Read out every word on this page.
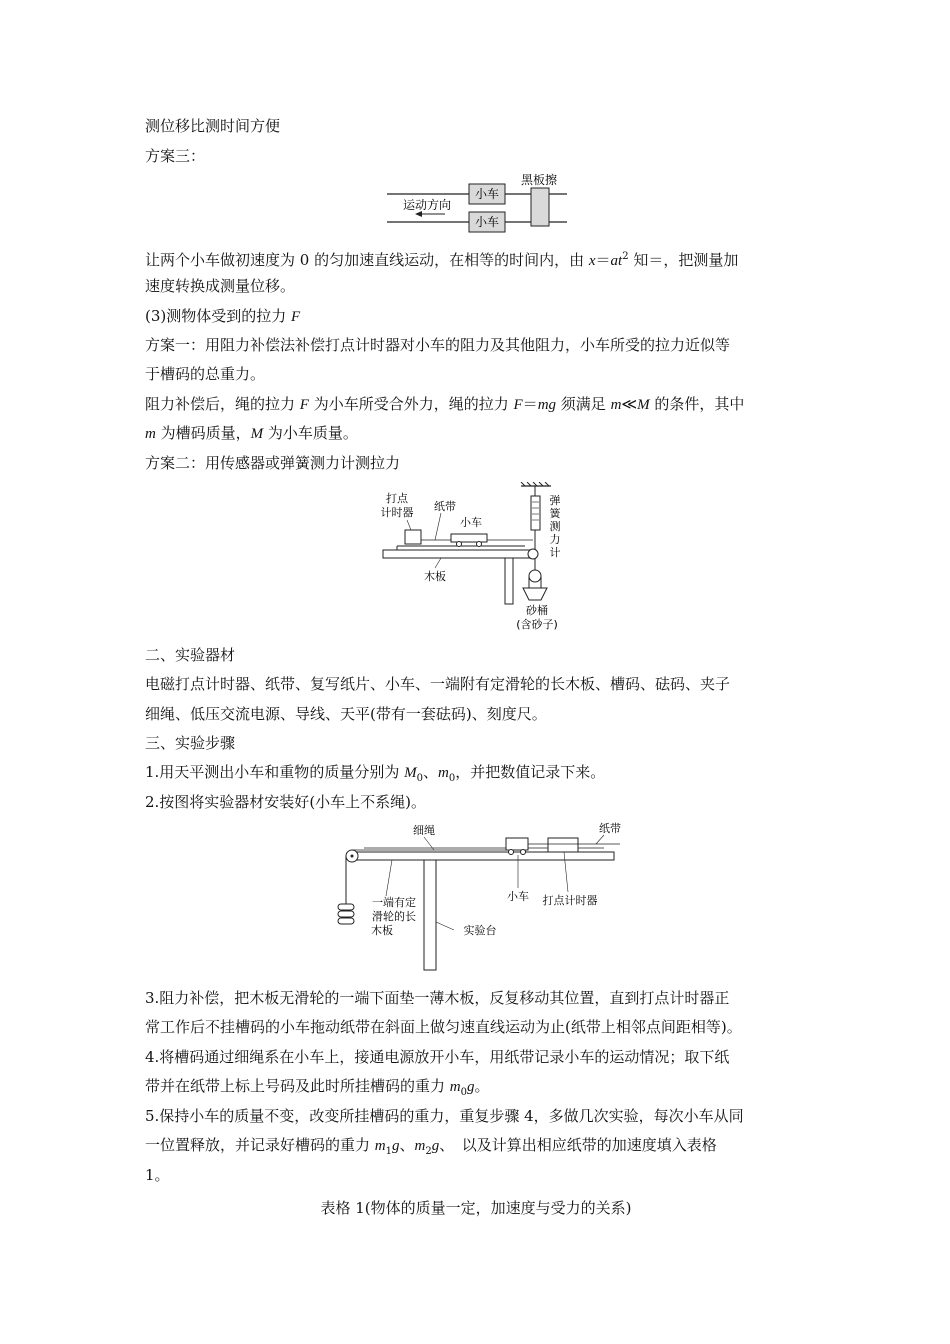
测位移比测时间方便

方案三：

小车
小车
黑板擦
运动方向

让两个小车做初速度为 0 的匀加速直线运动，在相等的时间内，由 $x=at^2$ 知＝，把测量加

速度转换成测量位移。

(3)测物体受到的拉力 F

方案一：用阻力补偿法补偿打点计时器对小车的阻力及其他阻力，小车所受的拉力近似等

于槽码的总重力。

阻力补偿后，绳的拉力 F 为小车所受合外力，绳的拉力 F＝mg 须满足 m≪M 的条件，其中

m 为槽码质量，M 为小车质量。

方案二：用传感器或弹簧测力计测拉力

弹
簧
测
力
计
打点
计时器 纸带
小车
木板
砂桶
(含砂子)

二、实验器材

电磁打点计时器、纸带、复写纸片、小车、一端附有定滑轮的长木板、槽码、砝码、夹子

细绳、低压交流电源、导线、天平(带有一套砝码)、刻度尺。

三、实验步骤

1.用天平测出小车和重物的质量分别为 $M_0$、$m_0$，并把数值记录下来。

2.按图将实验器材安装好(小车上不系绳)。

细绳	纸带
小车 打点计时器
一端有定
滑轮的长
木板	实验台

3.阻力补偿，把木板无滑轮的一端下面垫一薄木板，反复移动其位置，直到打点计时器正

常工作后不挂槽码的小车拖动纸带在斜面上做匀速直线运动为止(纸带上相邻点间距相等)。

4.将槽码通过细绳系在小车上，接通电源放开小车，用纸带记录小车的运动情况；取下纸

带并在纸带上标上号码及此时所挂槽码的重力 $m_0g$。

5.保持小车的质量不变，改变所挂槽码的重力，重复步骤 4，多做几次实验，每次小车从同

一位置释放，并记录好槽码的重力 $m_1g$、$m_2g$、　以及计算出相应纸带的加速度填入表格

1。

表格 1(物体的质量一定，加速度与受力的关系)
